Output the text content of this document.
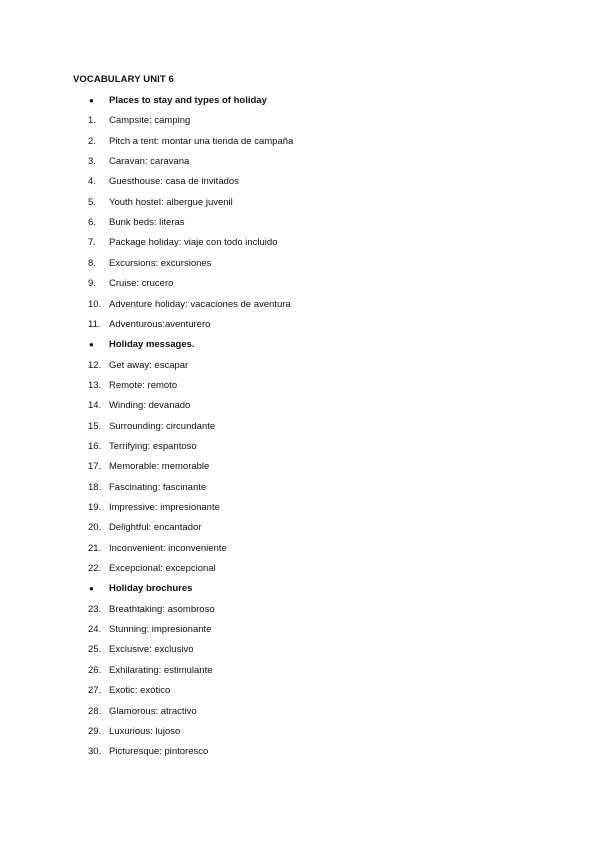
VOCABULARY UNIT 6
●	Places to stay and types of holiday
1.	Campsite: camping
2.	Pitch a tent: montar una tienda de campaña
3.	Caravan: caravana
4.	Guesthouse: casa de invitados
5.	Youth hostel: albergue juvenil
6.	Bunk beds: literas
7.	Package holiday: viaje con todo incluido
8.	Excursions: excursiones
9.	Cruise: crucero
10. Adventure holiday: vacaciones de aventura
11. Adventurous:aventurero
●	Holiday messages.
12. Get away: escapar
13. Remote: remoto
14. Winding: devanado
15. Surrounding: circundante
16. Terrifying: espantoso
17. Memorable: memorable
18. Fascinating: fascinante
19. Impressive: impresionante
20. Delightful: encantador
21. Inconvenient: inconveniente
22. Excepcional: excepcional
●	Holiday brochures
23. Breathtaking: asombroso
24. Stunning: impresionante
25. Exclusive: exclusivo
26. Exhilarating: estimulante
27. Exotic: exótico
28. Glamorous: atractivo
29. Luxurious: lujoso
30. Picturesque: pintoresco
